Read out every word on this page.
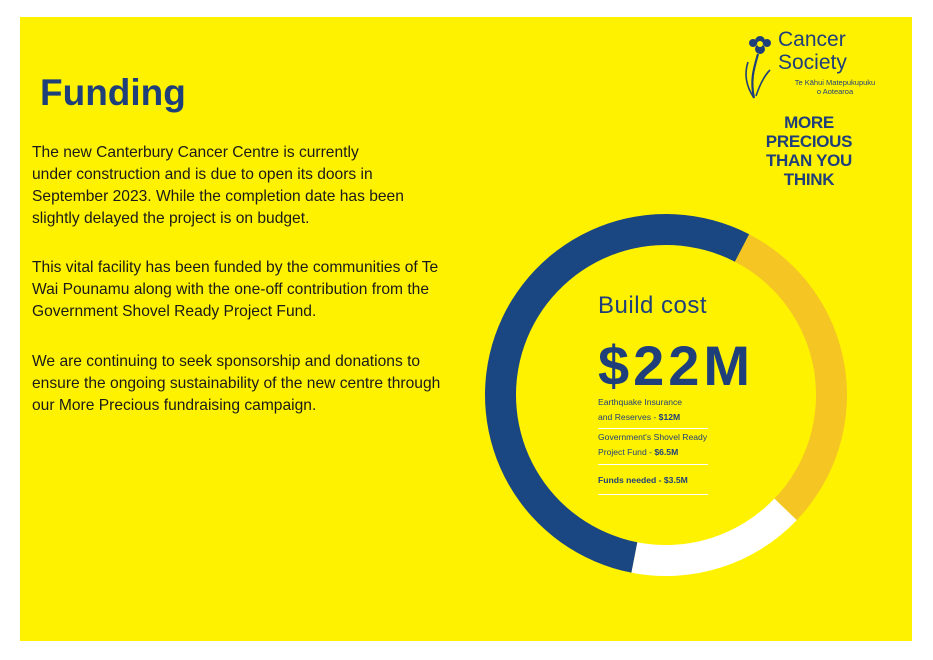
Funding

The new Canterbury Cancer Centre is currently
under construction and is due to open its doors in
September 2023. While the completion date has been
slightly delayed the project is on budget.

This vital facility has been funded by the communities of Te
Wai Pounamu along with the one-off contribution from the
Government Shovel Ready Project Fund.

We are continuing to seek sponsorship and donations to
ensure the ongoing sustainability of the new centre through
our More Precious fundraising campaign.

Cancer
Society

Te Kāhui Matepukupuku
o Aotearoa

MORE
PRECIOUS
THAN YOU
THINK

Build cost

$22M

Earthquake Insurance
and Reserves - $12M

Government's Shovel Ready
Project Fund - $6.5M

Funds needed - $3.5M
